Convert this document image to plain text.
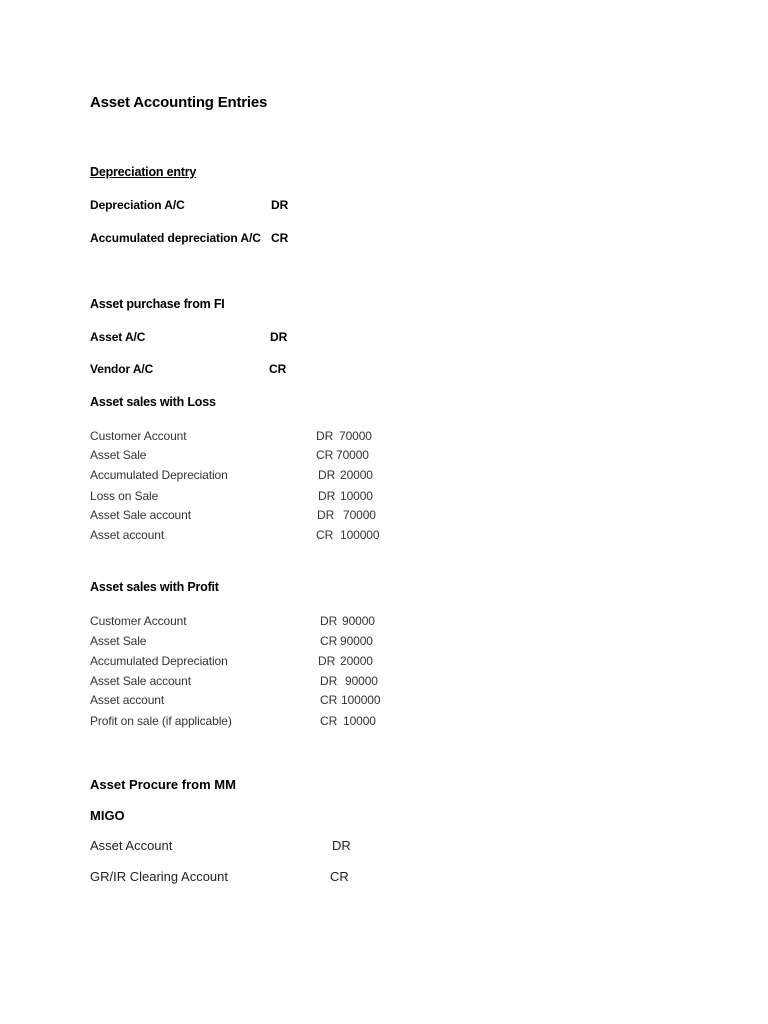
Asset Accounting Entries
Depreciation entry
Depreciation A/C	DR
Accumulated depreciation A/C CR
Asset purchase from FI
Asset A/C	DR
Vendor A/C	CR
Asset sales with Loss
Customer Account	DR 70000
Asset Sale	CR 70000
Accumulated Depreciation	DR 20000
Loss on Sale	DR 10000
Asset Sale account	DR 70000
Asset account	CR 100000
Asset sales with Profit
Customer Account	DR 90000
Asset Sale	CR 90000
Accumulated Depreciation	DR 20000
Asset Sale account	DR 90000
Asset account	CR 100000
Profit on sale (if applicable)	CR 10000
Asset Procure from MM
MIGO
Asset Account	DR
GR/IR Clearing Account	CR
